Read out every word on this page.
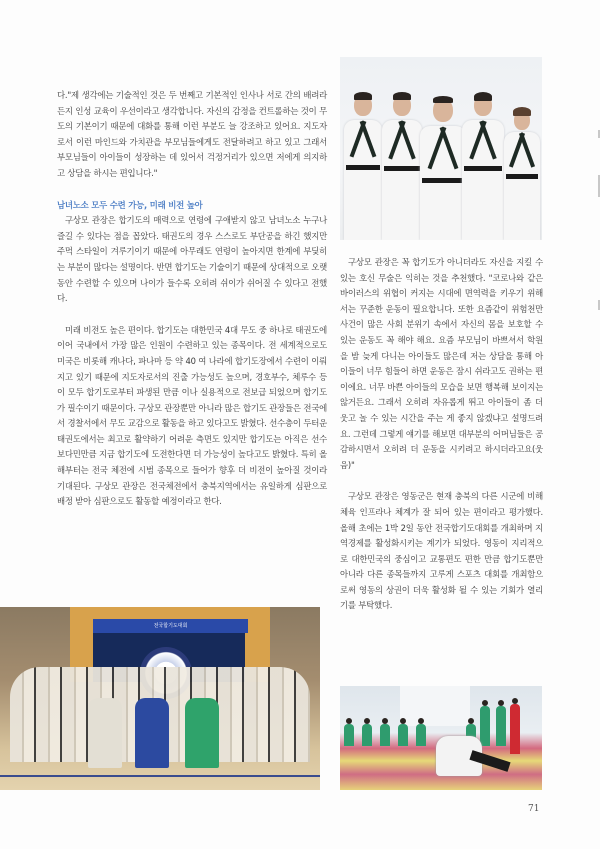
다."제 생각에는 기술적인 것은 두 번째고 기본적인 인사나 서로 간의 배려라든지 인성 교육이 우선이라고 생각합니다. 자신의 감정을 컨트롤하는 것이 무도의 기본이기 때문에 대화를 통해 이런 부분도 늘 강조하고 있어요. 지도자로서 이런 마인드와 가치관을 부모님들에게도 전달하려고 하고 있고 그래서 부모님들이 아이들이 성장하는 데 있어서 걱정거리가 있으면 저에게 의지하고 상담을 하시는 편입니다."

남녀노소 모두 수련 가능, 미래 비전 높아

구상모 관장은 합기도의 매력으로 연령에 구애받지 않고 남녀노소 누구나 즐길 수 있다는 점을 꼽았다. 태권도의 경우 스스로도 부단공을 하긴 했지만 주먹 스타일이 겨루기이기 때문에 아무래도 연령이 높아지면 한계에 부딪히는 부분이 많다는 설명이다. 반면 합기도는 기술이기 때문에 상대적으로 오랫동안 수련할 수 있으며 나이가 들수록 오히려 쉬이가 쉬어질 수 있다고 전했다.

미래 비전도 높은 편이다. 합기도는 대한민국 4대 무도 중 하나로 태권도에 이어 국내에서 가장 많은 인원이 수련하고 있는 종목이다. 전 세계적으로도 미국은 비롯해 캐나다, 파나마 등 약 40 여 나라에 합기도장에서 수련이 이뤄지고 있기 때문에 지도자로서의 진출 가능성도 높으며, 경호부수, 체루수 등이 모두 합기도로부터 파생된 만큼 이나 실용적으로 전보급 되었으며 합기도가 필수이기 때문이다. 구상모 관장뿐만 아니라 많은 합기도 관장들은 전국에서 경찰서에서 무도 교감으로 활동을 하고 있다고도 밝혔다. 선수층이 두터운 태권도에서는 최고로 활약하기 어려운 측면도 있지만 합기도는 아직은 선수보다민만큼 지금 합기도에 도전한다면 더 가능성이 높다고도 밝혔다. 특히 올해부터는 전국 체전에 시범 종목으로 들어가 향후 더 비전이 높아질 것이라 기대된다. 구상모 관장은 전국체전에서 충북지역에서는 유일하게 심판으로 배정 받아 심판으로도 활동할 예정이라고 한다.

구상모 관장은 꼭 합기도가 아니더라도 자신을 지킬 수 있는 호신 무술은 익히는 것을 추천했다. "코로나와 같은 바이러스의 위협이 커지는 시대에 면역력을 키우기 위해서는 꾸준한 운동이 필요합니다. 또한 요즘같이 위험천만 사건이 많은 사회 분위기 속에서 자신의 몸을 보호할 수 있는 운동도 꼭 해야 해요. 요즘 부모님이 바쁘셔서 학원을 밤 늦게 다니는 아이들도 많은데 저는 상담을 통해 아이들이 너무 힘들어 하면 운동은 잠시 쉬라고도 권하는 편이에요. 너무 바쁜 아이들의 모습을 보면 행복해 보이지는 않거든요. 그래서 오히려 자유롭게 뛰고 아이들이 좀 더 웃고 놀 수 있는 시간을 주는 게 좋지 않겠냐고 설명드려요. 그런데 그렇게 얘기를 해보면 대부분의 어머님들은 공감하시면서 오히려 더 운동을 시키려고 하시더라고요(웃음)"

구상모 관장은 영동군은 현재 충북의 다른 시군에 비해 체육 인프라나 체계가 잘 되어 있는 편이라고 평가했다. 올해 초에는 1박 2일 동안 전국합기도대회를 개최하며 지역경제를 활성화시키는 계기가 되었다. 영동이 지리적으로 대한민국의 중심이고 교통편도 편한 만큼 합기도뿐만 아니라 다른 종목들까지 고루게 스포츠 대회를 개최함으로써 영동의 상권이 더욱 활성화 될 수 있는 기회가 열리기를 부탁했다.

전국합기도대회
71
